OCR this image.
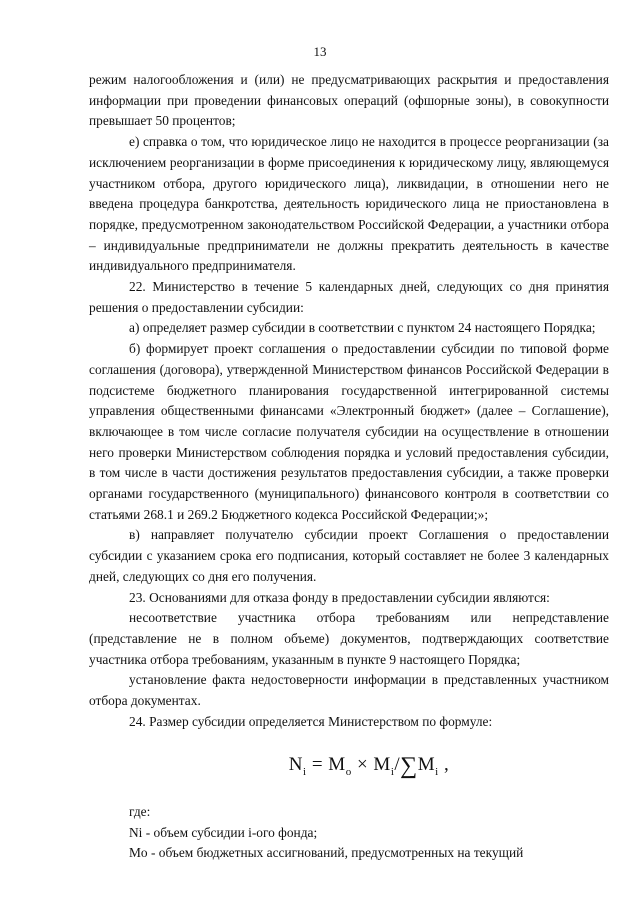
13

режим налогообложения и (или) не предусматривающих раскрытия и предоставления информации при проведении финансовых операций (офшорные зоны), в совокупности превышает 50 процентов;

е) справка о том, что юридическое лицо не находится в процессе реорганизации (за исключением реорганизации в форме присоединения к юридическому лицу, являющемуся участником отбора, другого юридического лица), ликвидации, в отношении него не введена процедура банкротства, деятельность юридического лица не приостановлена в порядке, предусмотренном законодательством Российской Федерации, а участники отбора – индивидуальные предприниматели не должны прекратить деятельность в качестве индивидуального предпринимателя.

22. Министерство в течение 5 календарных дней, следующих со дня принятия решения о предоставлении субсидии:

а) определяет размер субсидии в соответствии с пунктом 24 настоящего Порядка;

б) формирует проект соглашения о предоставлении субсидии по типовой форме соглашения (договора), утвержденной Министерством финансов Российской Федерации в подсистеме бюджетного планирования государственной интегрированной системы управления общественными финансами «Электронный бюджет» (далее – Соглашение), включающее в том числе согласие получателя субсидии на осуществление в отношении него проверки Министерством соблюдения порядка и условий предоставления субсидии, в том числе в части достижения результатов предоставления субсидии, а также проверки органами государственного (муниципального) финансового контроля в соответствии со статьями 268.1 и 269.2 Бюджетного кодекса Российской Федерации;»;

в) направляет получателю субсидии проект Соглашения о предоставлении субсидии с указанием срока его подписания, который составляет не более 3 календарных дней, следующих со дня его получения.

23. Основаниями для отказа фонду в предоставлении субсидии являются:

несоответствие участника отбора требованиям или непредставление (представление не в полном объеме) документов, подтверждающих соответствие участника отбора требованиям, указанным в пункте 9 настоящего Порядка;

установление факта недостоверности информации в представленных участником отбора документах.

24. Размер субсидии определяется Министерством по формуле:

$N_i = M_o \times M_i/\sum M_i$ ,

где:

Ni - объем субсидии i-ого фонда;

Mo - объем бюджетных ассигнований, предусмотренных на текущий
